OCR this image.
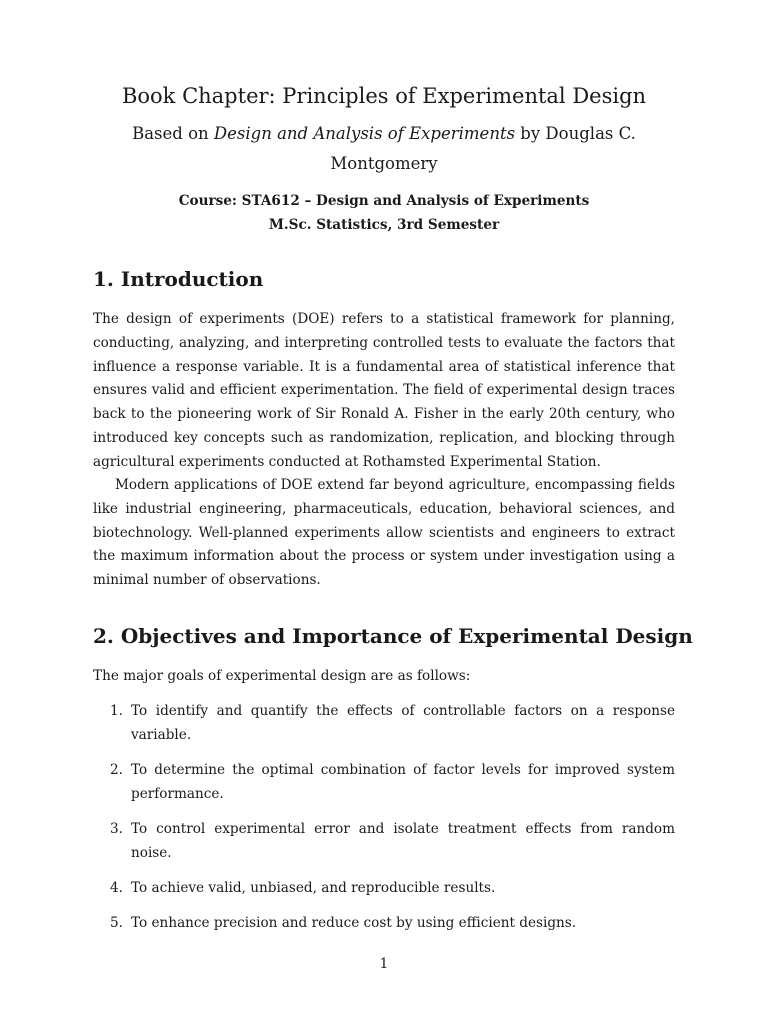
Book Chapter: Principles of Experimental Design

Based on Design and Analysis of Experiments by Douglas C. Montgomery

Course: STA612 – Design and Analysis of Experiments
M.Sc. Statistics, 3rd Semester
1. Introduction

The design of experiments (DOE) refers to a statistical framework for planning, conducting, analyzing, and interpreting controlled tests to evaluate the factors that influence a response variable. It is a fundamental area of statistical inference that ensures valid and efficient experimentation. The field of experimental design traces back to the pioneering work of Sir Ronald A. Fisher in the early 20th century, who introduced key concepts such as randomization, replication, and blocking through agricultural experiments conducted at Rothamsted Experimental Station.

Modern applications of DOE extend far beyond agriculture, encompassing fields like industrial engineering, pharmaceuticals, education, behavioral sciences, and biotechnology. Well-planned experiments allow scientists and engineers to extract the maximum information about the process or system under investigation using a minimal number of observations.

2. Objectives and Importance of Experimental Design

The major goals of experimental design are as follows:

1. To identify and quantify the effects of controllable factors on a response variable.
2. To determine the optimal combination of factor levels for improved system performance.
3. To control experimental error and isolate treatment effects from random noise.
4. To achieve valid, unbiased, and reproducible results.
5. To enhance precision and reduce cost by using efficient designs.

1
